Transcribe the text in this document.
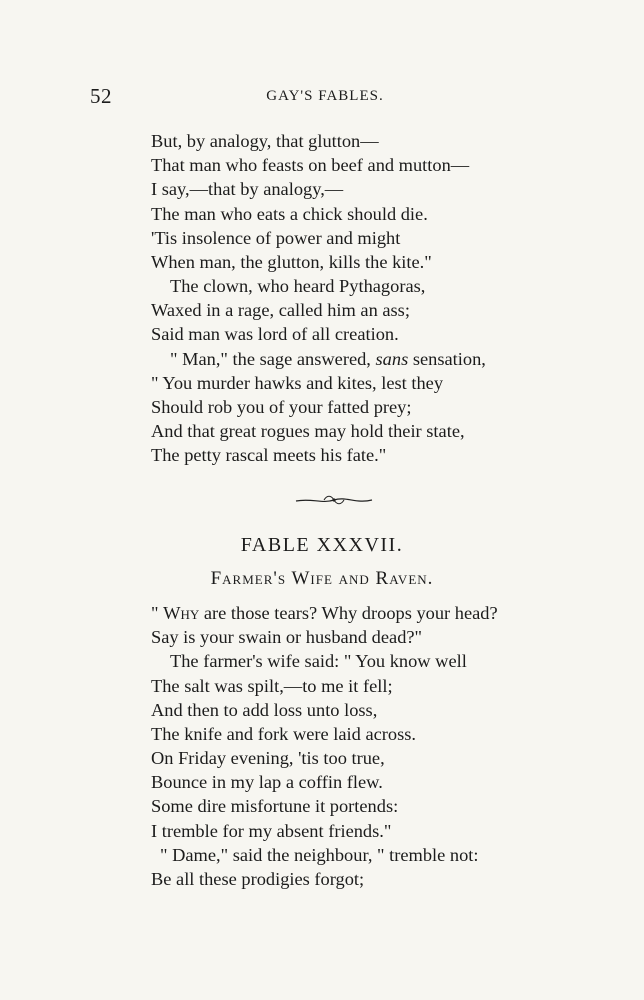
52	GAY'S FABLES.
But, by analogy, that glutton—
That man who feasts on beef and mutton—
I say,—that by analogy,—
The man who eats a chick should die.
'Tis insolence of power and might
When man, the glutton, kills the kite."
The clown, who heard Pythagoras,
Waxed in a rage, called him an ass;
Said man was lord of all creation.
" Man," the sage answered, sans sensation,
" You murder hawks and kites, lest they
Should rob you of your fatted prey;
And that great rogues may hold their state,
The petty rascal meets his fate."
FABLE XXXVII.
Farmer's Wife and Raven.
" Why are those tears? Why droops your head?
Say is your swain or husband dead?"
The farmer's wife said: " You know well
The salt was spilt,—to me it fell;
And then to add loss unto loss,
The knife and fork were laid across.
On Friday evening, 'tis too true,
Bounce in my lap a coffin flew.
Some dire misfortune it portends:
I tremble for my absent friends."
" Dame," said the neighbour, " tremble not:
Be all these prodigies forgot;
